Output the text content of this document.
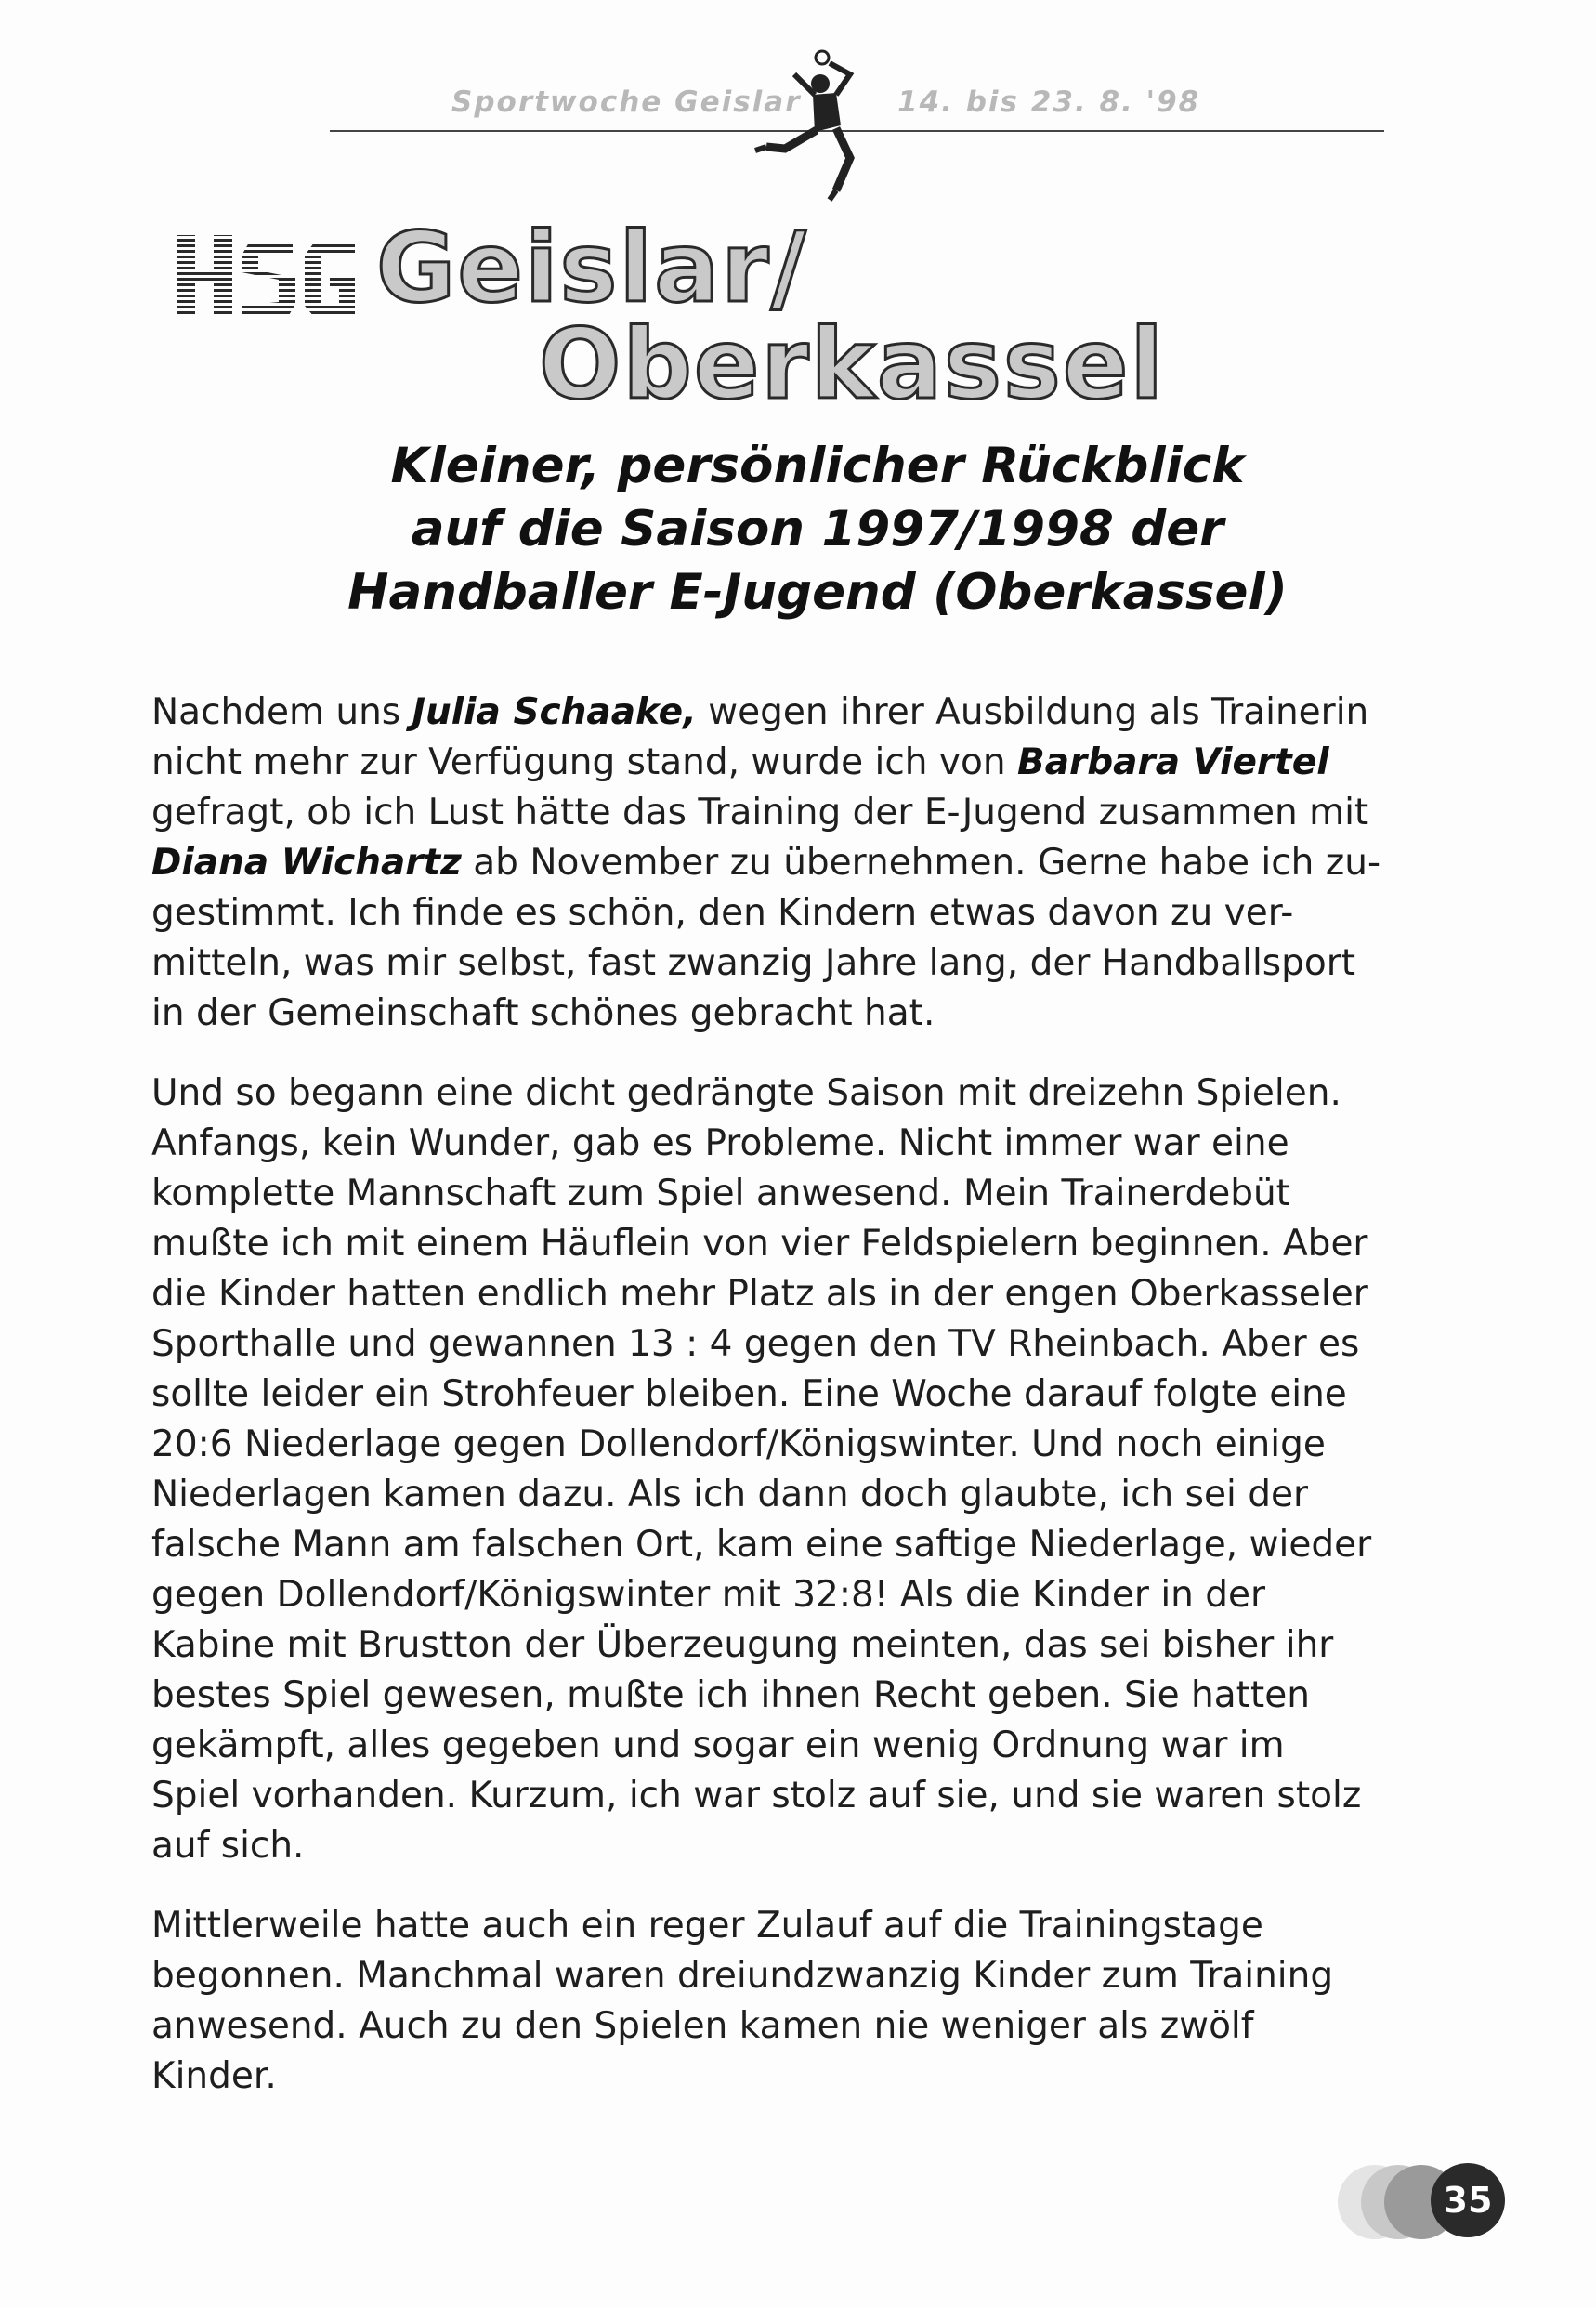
Sportwoche Geislar	14. bis 23. 8. '98
Geislar/
Oberkassel
Kleiner, persönlicher Rückblick
auf die Saison 1997/1998 der
Handballer E-Jugend (Oberkassel)
Nachdem uns Julia Schaake, wegen ihrer Ausbildung als Trainerin
nicht mehr zur Verfügung stand, wurde ich von Barbara Viertel
gefragt, ob ich Lust hätte das Training der E-Jugend zusammen mit
Diana Wichartz ab November zu übernehmen. Gerne habe ich zu-
gestimmt. Ich finde es schön, den Kindern etwas davon zu ver-
mitteln, was mir selbst, fast zwanzig Jahre lang, der Handballsport
in der Gemeinschaft schönes gebracht hat.
Und so begann eine dicht gedrängte Saison mit dreizehn Spielen.
Anfangs, kein Wunder, gab es Probleme. Nicht immer war eine
komplette Mannschaft zum Spiel anwesend. Mein Trainerdebüt
mußte ich mit einem Häuflein von vier Feldspielern beginnen. Aber
die Kinder hatten endlich mehr Platz als in der engen Oberkasseler
Sporthalle und gewannen 13 : 4 gegen den TV Rheinbach. Aber es
sollte leider ein Strohfeuer bleiben. Eine Woche darauf folgte eine
20:6 Niederlage gegen Dollendorf/Königswinter. Und noch einige
Niederlagen kamen dazu. Als ich dann doch glaubte, ich sei der
falsche Mann am falschen Ort, kam eine saftige Niederlage, wieder
gegen Dollendorf/Königswinter mit 32:8! Als die Kinder in der
Kabine mit Brustton der Überzeugung meinten, das sei bisher ihr
bestes Spiel gewesen, mußte ich ihnen Recht geben. Sie hatten
gekämpft, alles gegeben und sogar ein wenig Ordnung war im
Spiel vorhanden. Kurzum, ich war stolz auf sie, und sie waren stolz
auf sich.
Mittlerweile hatte auch ein reger Zulauf auf die Trainingstage
begonnen. Manchmal waren dreiundzwanzig Kinder zum Training
anwesend. Auch zu den Spielen kamen nie weniger als zwölf
Kinder.
35
